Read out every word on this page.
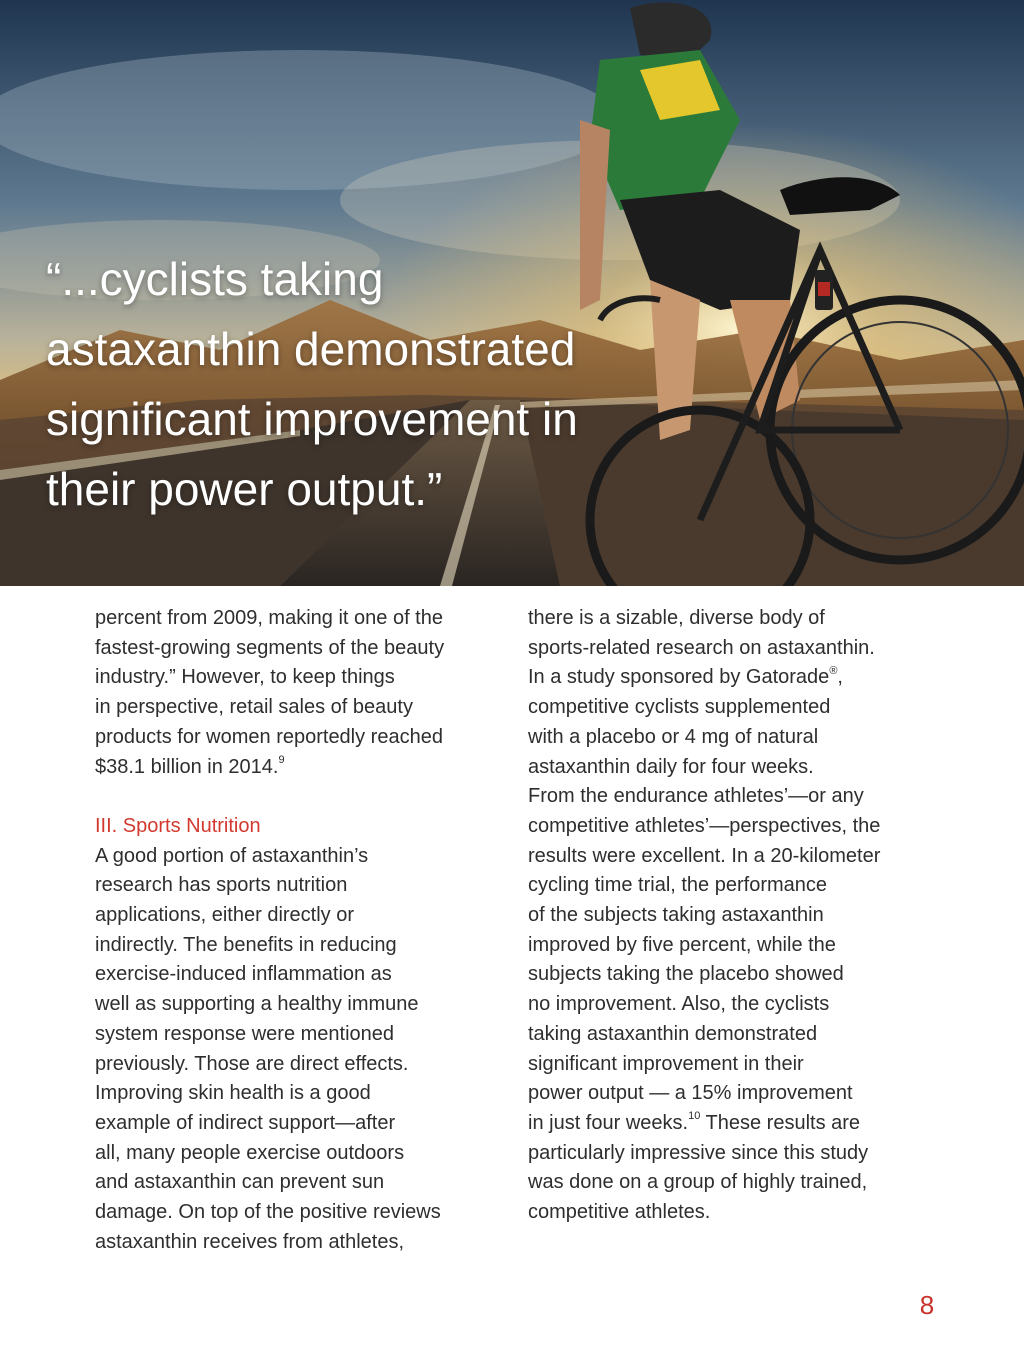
“...cyclists taking
astaxanthin demonstrated
significant improvement in
their power output.”

percent from 2009, making it one of the
fastest-growing segments of the beauty
industry.” However, to keep things
in perspective, retail sales of beauty
products for women reportedly reached
$38.1 billion in 2014.$^9$

III. Sports Nutrition
A good portion of astaxanthin’s
research has sports nutrition
applications, either directly or
indirectly. The benefits in reducing
exercise-induced inflammation as
well as supporting a healthy immune
system response were mentioned
previously. Those are direct effects.
Improving skin health is a good
example of indirect support—after
all, many people exercise outdoors
and astaxanthin can prevent sun
damage. On top of the positive reviews
astaxanthin receives from athletes,

there is a sizable, diverse body of
sports-related research on astaxanthin.
In a study sponsored by Gatorade®,
competitive cyclists supplemented
with a placebo or 4 mg of natural
astaxanthin daily for four weeks.
From the endurance athletes’—or any
competitive athletes’—perspectives, the
results were excellent. In a 20-kilometer
cycling time trial, the performance
of the subjects taking astaxanthin
improved by five percent, while the
subjects taking the placebo showed
no improvement. Also, the cyclists
taking astaxanthin demonstrated
significant improvement in their
power output — a 15% improvement
in just four weeks.$^{10}$ These results are
particularly impressive since this study
was done on a group of highly trained,
competitive athletes.

8
